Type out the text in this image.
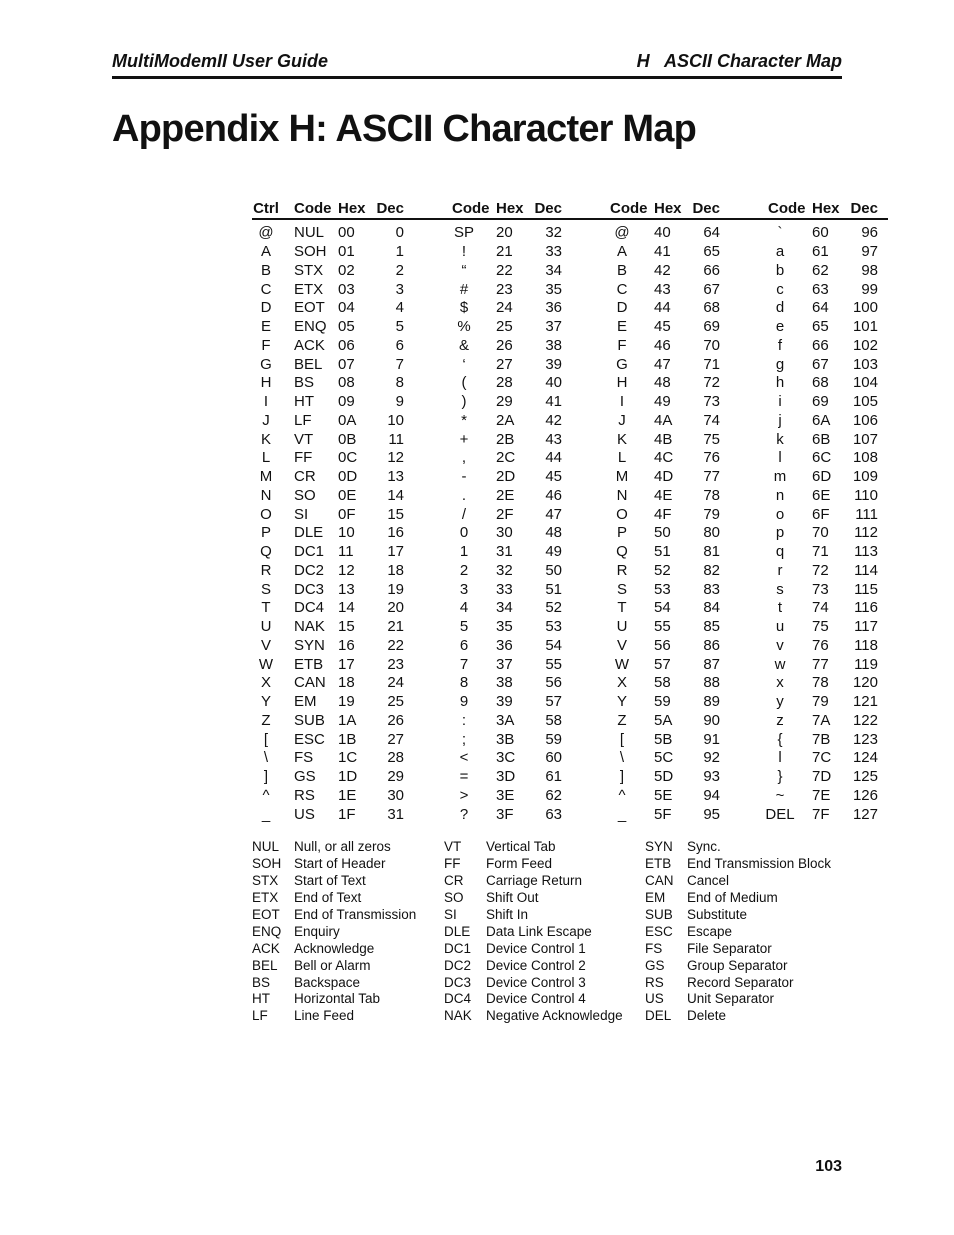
MultiModemII User Guide	H   ASCII Character Map
Appendix H: ASCII Character Map
Ctrl	Code	Hex	Dec	Code	Hex	Dec	Code	Hex	Dec	Code	Hex	Dec

@	NUL	00	0	SP	20	32	@	40	64	`	60	96
A	SOH	01	1	!	21	33	A	41	65	a	61	97
B	STX	02	2	“	22	34	B	42	66	b	62	98
C	ETX	03	3	#	23	35	C	43	67	c	63	99
D	EOT	04	4	$	24	36	D	44	68	d	64	100
E	ENQ	05	5	%	25	37	E	45	69	e	65	101
F	ACK	06	6	&	26	38	F	46	70	f	66	102
G	BEL	07	7	‘	27	39	G	47	71	g	67	103
H	BS	08	8	(	28	40	H	48	72	h	68	104
I	HT	09	9	)	29	41	I	49	73	i	69	105
J	LF	0A	10	*	2A	42	J	4A	74	j	6A	106
K	VT	0B	11	+	2B	43	K	4B	75	k	6B	107
L	FF	0C	12	,	2C	44	L	4C	76	l	6C	108
M	CR	0D	13	-	2D	45	M	4D	77	m	6D	109
N	SO	0E	14	.	2E	46	N	4E	78	n	6E	110
O	SI	0F	15	/	2F	47	O	4F	79	o	6F	111
P	DLE	10	16	0	30	48	P	50	80	p	70	112
Q	DC1	11	17	1	31	49	Q	51	81	q	71	113
R	DC2	12	18	2	32	50	R	52	82	r	72	114
S	DC3	13	19	3	33	51	S	53	83	s	73	115
T	DC4	14	20	4	34	52	T	54	84	t	74	116
U	NAK	15	21	5	35	53	U	55	85	u	75	117
V	SYN	16	22	6	36	54	V	56	86	v	76	118
W	ETB	17	23	7	37	55	W	57	87	w	77	119
X	CAN	18	24	8	38	56	X	58	88	x	78	120
Y	EM	19	25	9	39	57	Y	59	89	y	79	121
Z	SUB	1A	26	:	3A	58	Z	5A	90	z	7A	122
[	ESC	1B	27	;	3B	59	[	5B	91	{	7B	123
\	FS	1C	28	<	3C	60	\	5C	92	l	7C	124
]	GS	1D	29	=	3D	61	]	5D	93	}	7D	125
^	RS	1E	30	>	3E	62	^	5E	94	~	7E	126
_	US	1F	31	?	3F	63	_	5F	95	DEL	7F	127
NUL	Null, or all zeros	VT	Vertical Tab	SYN	Sync.
SOH	Start of Header	FF	Form Feed	ETB	End Transmission Block
STX	Start of Text	CR	Carriage Return	CAN	Cancel
ETX	End of Text	SO	Shift Out	EM	End of Medium
EOT	End of Transmission	SI	Shift In	SUB	Substitute
ENQ	Enquiry	DLE	Data Link Escape	ESC	Escape
ACK	Acknowledge	DC1	Device Control 1	FS	File Separator
BEL	Bell or Alarm	DC2	Device Control 2	GS	Group Separator
BS	Backspace	DC3	Device Control 3	RS	Record Separator
HT	Horizontal Tab	DC4	Device Control 4	US	Unit Separator
LF	Line Feed	NAK	Negative Acknowledge	DEL	Delete
103
